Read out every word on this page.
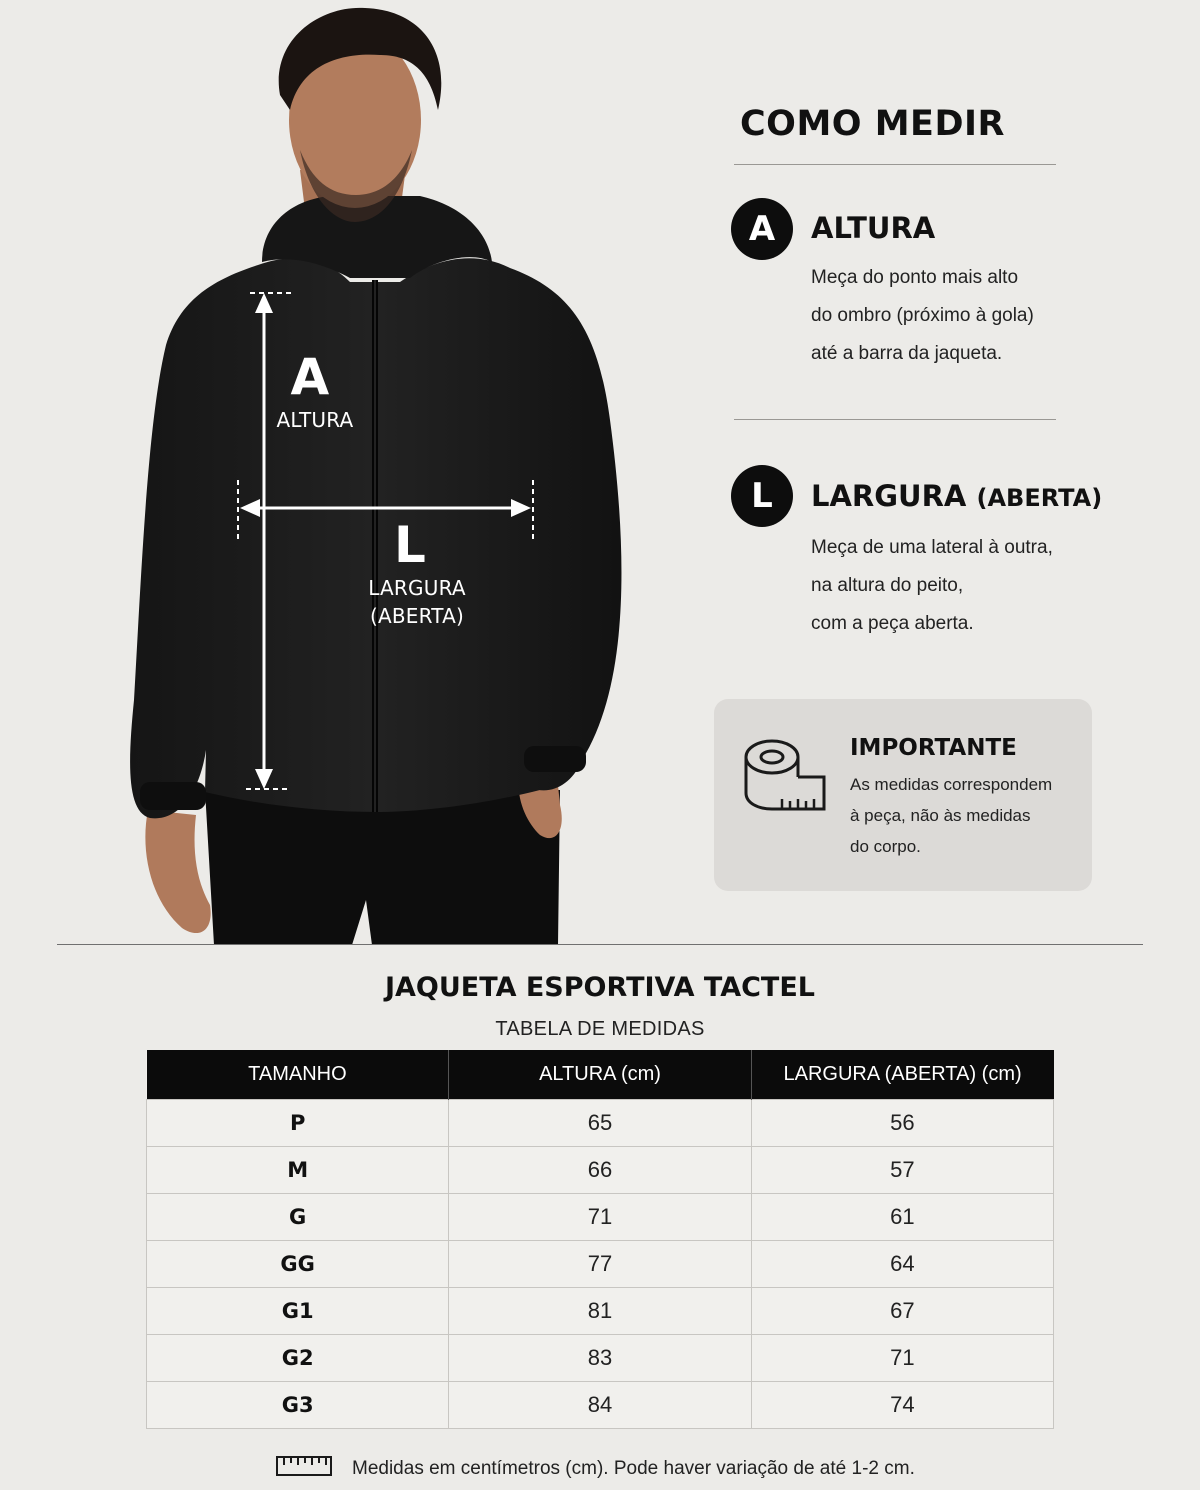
A
ALTURA
L
LARGURA
(ABERTA)
COMO MEDIR
A	ALTURA
Meça do ponto mais alto
do ombro (próximo à gola)
até a barra da jaqueta.
L	LARGURA (ABERTA)
Meça de uma lateral à outra,
na altura do peito,
com a peça aberta.
IMPORTANTE
As medidas correspondem
à peça, não às medidas
do corpo.
JAQUETA ESPORTIVA TACTEL
TABELA DE MEDIDAS
TAMANHO	ALTURA (cm)	LARGURA (ABERTA) (cm)
P	65	56
M	66	57
G	71	61
GG	77	64
G1	81	67
G2	83	71
G3	84	74
Medidas em centímetros (cm). Pode haver variação de até 1-2 cm.
